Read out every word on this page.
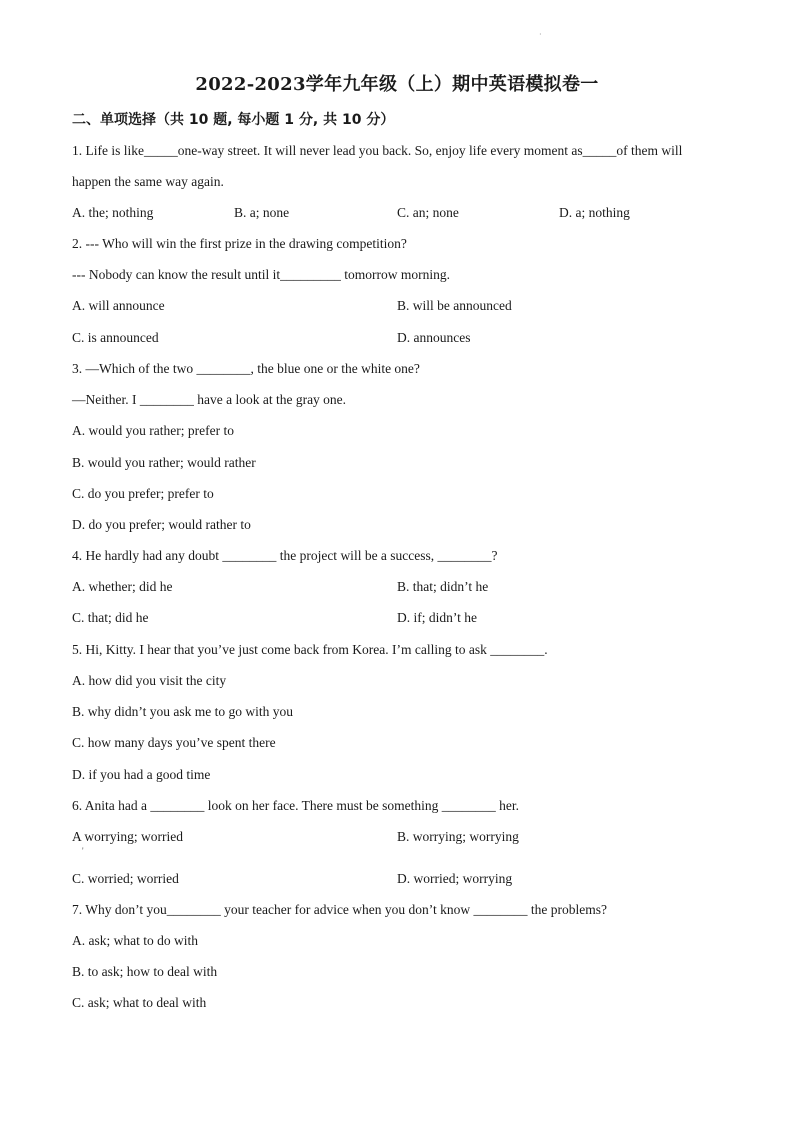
·
2022-2023学年九年级（上）期中英语模拟卷一
二、单项选择（共 10 题, 每小题 1 分, 共 10 分）
1. Life is like_____one-way street. It will never lead you back. So, enjoy life every moment as_____of them will
happen the same way again.
A. the; nothing	B. a; none	C. an; none	D. a; nothing
2. --- Who will win the first prize in the drawing competition?
--- Nobody can know the result until it_________ tomorrow morning.
A. will announce	B. will be announced
C. is announced	D. announces
3. —Which of the two ________, the blue one or the white one?
—Neither. I ________ have a look at the gray one.
A. would you rather; prefer to
B. would you rather; would rather
C. do you prefer; prefer to
D. do you prefer; would rather to
4. He hardly had any doubt ________ the project will be a success, ________?
A. whether; did he	B. that; didn’t he
C. that; did he	D. if; didn’t he
5. Hi, Kitty. I hear that you’ve just come back from Korea. I’m calling to ask ________.
A. how did you visit the city
B. why didn’t you ask me to go with you
C. how many days you’ve spent there
D. if you had a good time
6. Anita had a ________ look on her face. There must be something ________ her.
A worrying; worried	B. worrying; worrying
'
C. worried; worried	D. worried; worrying
7. Why don’t you________ your teacher for advice when you don’t know ________ the problems?
A. ask; what to do with
B. to ask; how to deal with
C. ask; what to deal with
